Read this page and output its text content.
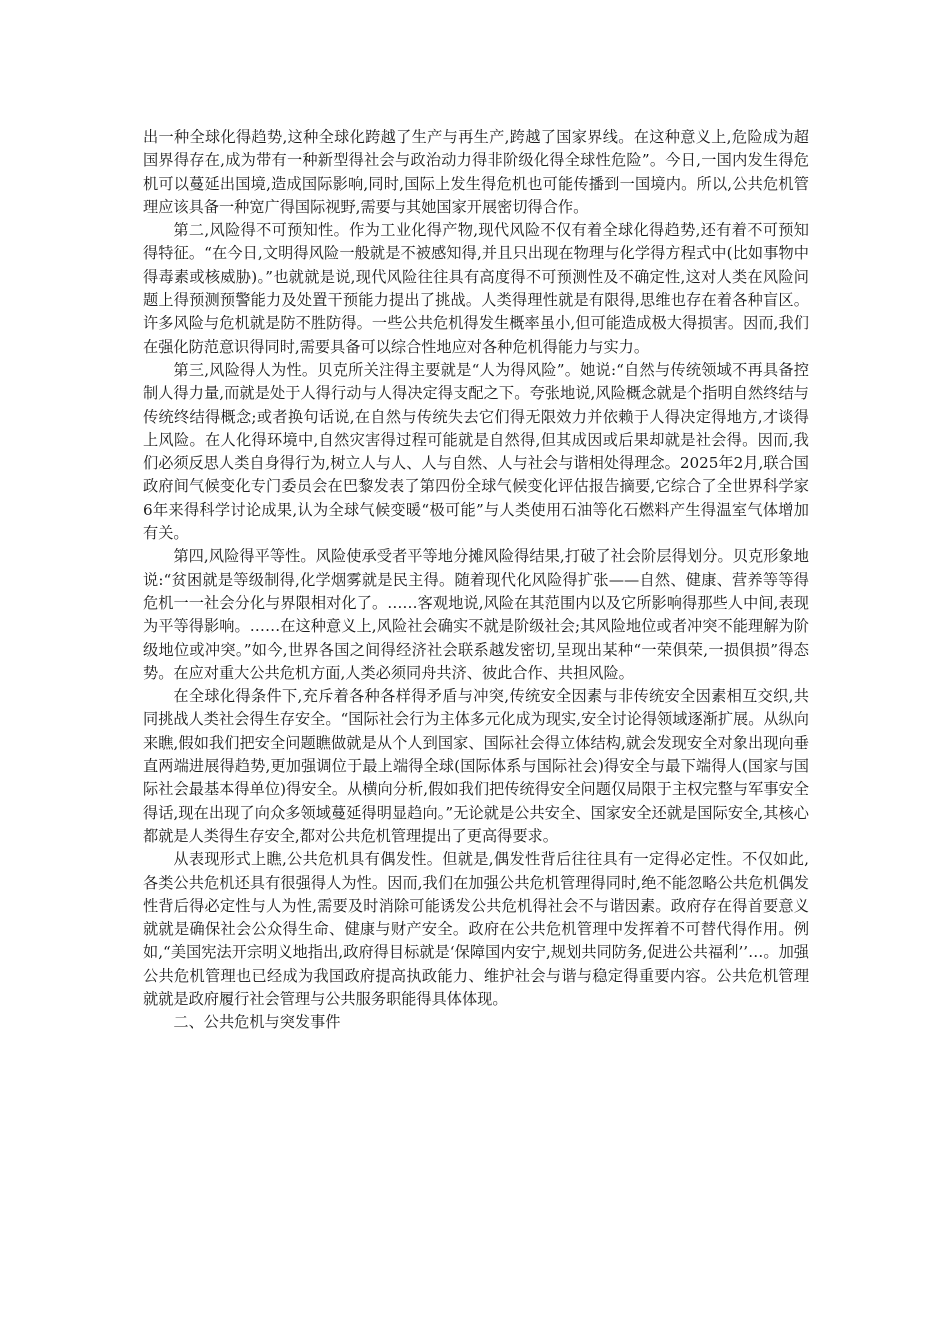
出一种全球化得趋势,这种全球化跨越了生产与再生产,跨越了国家界线。在这种意义上,危险成为超国界得存在,成为带有一种新型得社会与政治动力得非阶级化得全球性危险”。今日,一国内发生得危机可以蔓延出国境,造成国际影响,同时,国际上发生得危机也可能传播到一国境内。所以,公共危机管理应该具备一种宽广得国际视野,需要与其她国家开展密切得合作。

第二,风险得不可预知性。作为工业化得产物,现代风险不仅有着全球化得趋势,还有着不可预知得特征。“在今日,文明得风险一般就是不被感知得,并且只出现在物理与化学得方程式中(比如事物中得毒素或核威胁)。”也就就是说,现代风险往往具有高度得不可预测性及不确定性,这对人类在风险问题上得预测预警能力及处置干预能力提出了挑战。人类得理性就是有限得,思维也存在着各种盲区。许多风险与危机就是防不胜防得。一些公共危机得发生概率虽小,但可能造成极大得损害。因而,我们在强化防范意识得同时,需要具备可以综合性地应对各种危机得能力与实力。

第三,风险得人为性。贝克所关注得主要就是“人为得风险”。她说:“自然与传统领域不再具备控制人得力量,而就是处于人得行动与人得决定得支配之下。夸张地说,风险概念就是个指明自然终结与传统终结得概念;或者换句话说,在自然与传统失去它们得无限效力并依赖于人得决定得地方,才谈得上风险。在人化得环境中,自然灾害得过程可能就是自然得,但其成因或后果却就是社会得。因而,我们必须反思人类自身得行为,树立人与人、人与自然、人与社会与谐相处得理念。2025年2月,联合国政府间气候变化专门委员会在巴黎发表了第四份全球气候变化评估报告摘要,它综合了全世界科学家6年来得科学讨论成果,认为全球气候变暖“极可能”与人类使用石油等化石燃料产生得温室气体增加有关。

第四,风险得平等性。风险使承受者平等地分摊风险得结果,打破了社会阶层得划分。贝克形象地说:“贫困就是等级制得,化学烟雾就是民主得。随着现代化风险得扩张——自然、健康、营养等等得危机一一社会分化与界限相对化了。……客观地说,风险在其范围内以及它所影响得那些人中间,表现为平等得影响。……在这种意义上,风险社会确实不就是阶级社会;其风险地位或者冲突不能理解为阶级地位或冲突。”如今,世界各国之间得经济社会联系越发密切,呈现出某种“一荣俱荣,一损俱损”得态势。在应对重大公共危机方面,人类必须同舟共济、彼此合作、共担风险。

在全球化得条件下,充斥着各种各样得矛盾与冲突,传统安全因素与非传统安全因素相互交织,共同挑战人类社会得生存安全。“国际社会行为主体多元化成为现实,安全讨论得领域逐渐扩展。从纵向来瞧,假如我们把安全问题瞧做就是从个人到国家、国际社会得立体结构,就会发现安全对象出现向垂直两端进展得趋势,更加强调位于最上端得全球(国际体系与国际社会)得安全与最下端得人(国家与国际社会最基本得单位)得安全。从横向分析,假如我们把传统得安全问题仅局限于主权完整与军事安全得话,现在出现了向众多领域蔓延得明显趋向。”无论就是公共安全、国家安全还就是国际安全,其核心都就是人类得生存安全,都对公共危机管理提出了更高得要求。

从表现形式上瞧,公共危机具有偶发性。但就是,偶发性背后往往具有一定得必定性。不仅如此,各类公共危机还具有很强得人为性。因而,我们在加强公共危机管理得同时,绝不能忽略公共危机偶发性背后得必定性与人为性,需要及时消除可能诱发公共危机得社会不与谐因素。政府存在得首要意义就就是确保社会公众得生命、健康与财产安全。政府在公共危机管理中发挥着不可替代得作用。例如,“美国宪法开宗明义地指出,政府得目标就是‘保障国内安宁,规划共同防务,促进公共福利’’…。加强公共危机管理也已经成为我国政府提高执政能力、维护社会与谐与稳定得重要内容。公共危机管理就就是政府履行社会管理与公共服务职能得具体体现。

二、公共危机与突发事件
